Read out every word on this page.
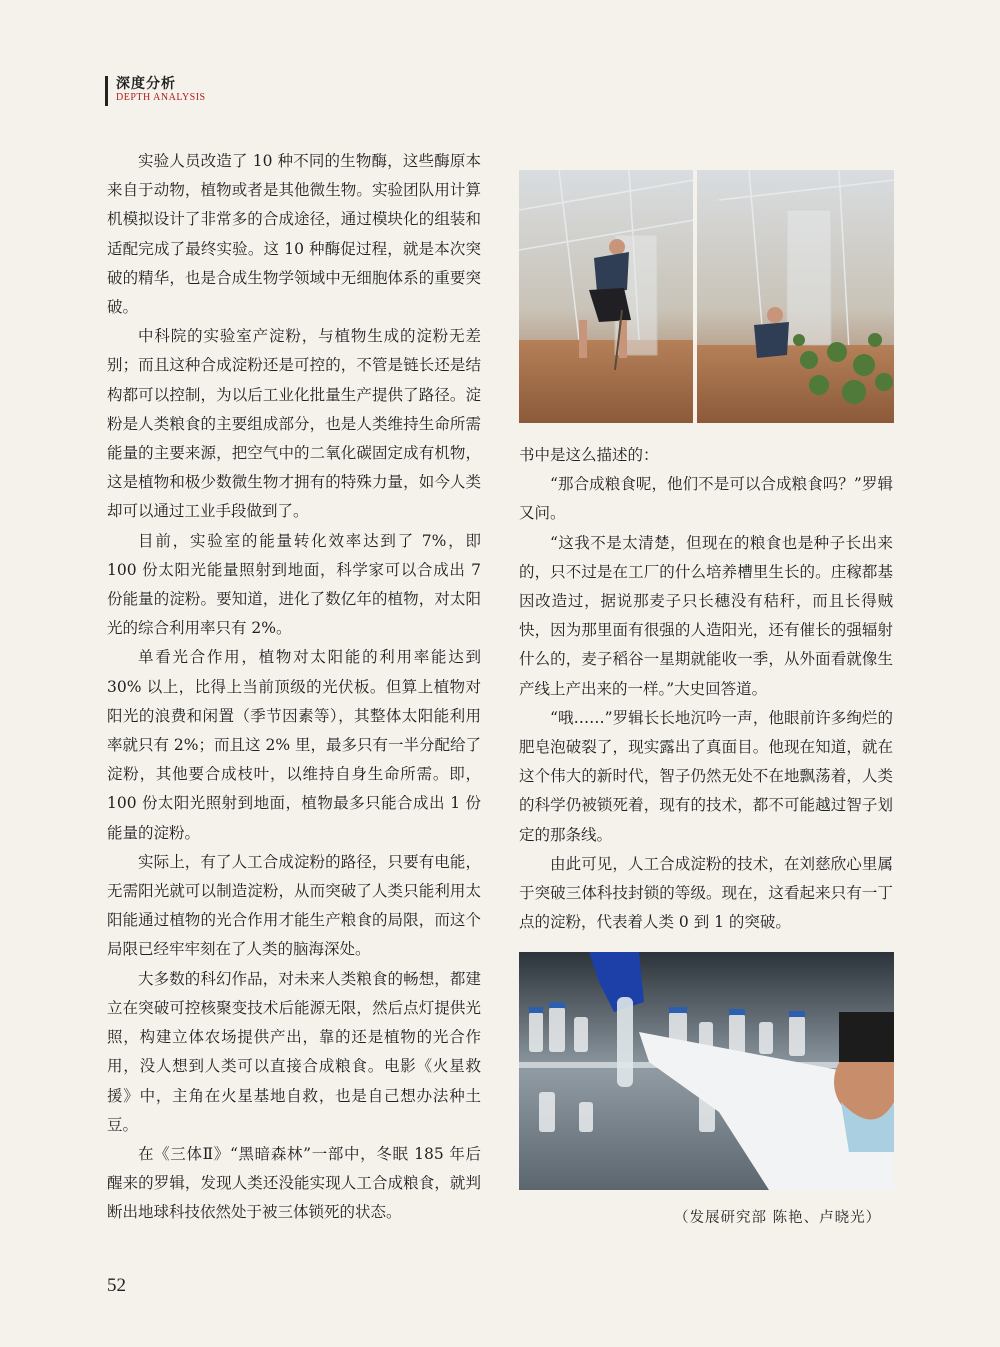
深度分析
DEPTH ANALYSIS

实验人员改造了 10 种不同的生物酶，这些酶原本来自于动物，植物或者是其他微生物。实验团队用计算机模拟设计了非常多的合成途径，通过模块化的组装和适配完成了最终实验。这 10 种酶促过程，就是本次突破的精华，也是合成生物学领域中无细胞体系的重要突破。

中科院的实验室产淀粉，与植物生成的淀粉无差别；而且这种合成淀粉还是可控的，不管是链长还是结构都可以控制，为以后工业化批量生产提供了路径。淀粉是人类粮食的主要组成部分，也是人类维持生命所需能量的主要来源，把空气中的二氧化碳固定成有机物，这是植物和极少数微生物才拥有的特殊力量，如今人类却可以通过工业手段做到了。

目前，实验室的能量转化效率达到了 7%，即 100 份太阳光能量照射到地面，科学家可以合成出 7 份能量的淀粉。要知道，进化了数亿年的植物，对太阳光的综合利用率只有 2%。

单看光合作用，植物对太阳能的利用率能达到 30% 以上，比得上当前顶级的光伏板。但算上植物对阳光的浪费和闲置（季节因素等），其整体太阳能利用率就只有 2%；而且这 2% 里，最多只有一半分配给了淀粉，其他要合成枝叶，以维持自身生命所需。即，100 份太阳光照射到地面，植物最多只能合成出 1 份能量的淀粉。

实际上，有了人工合成淀粉的路径，只要有电能，无需阳光就可以制造淀粉，从而突破了人类只能利用太阳能通过植物的光合作用才能生产粮食的局限，而这个局限已经牢牢刻在了人类的脑海深处。

大多数的科幻作品，对未来人类粮食的畅想，都建立在突破可控核聚变技术后能源无限，然后点灯提供光照，构建立体农场提供产出，靠的还是植物的光合作用，没人想到人类可以直接合成粮食。电影《火星救援》中，主角在火星基地自救，也是自己想办法种土豆。

在《三体Ⅱ》“黑暗森林”一部中，冬眠 185 年后醒来的罗辑，发现人类还没能实现人工合成粮食，就判断出地球科技依然处于被三体锁死的状态。

书中是这么描述的：

“那合成粮食呢，他们不是可以合成粮食吗？”罗辑又问。

“这我不是太清楚，但现在的粮食也是种子长出来的，只不过是在工厂的什么培养槽里生长的。庄稼都基因改造过，据说那麦子只长穗没有秸秆，而且长得贼快，因为那里面有很强的人造阳光，还有催长的强辐射什么的，麦子稻谷一星期就能收一季，从外面看就像生产线上产出来的一样。”大史回答道。

“哦……”罗辑长长地沉吟一声，他眼前许多绚烂的肥皂泡破裂了，现实露出了真面目。他现在知道，就在这个伟大的新时代，智子仍然无处不在地飘荡着，人类的科学仍被锁死着，现有的技术，都不可能越过智子划定的那条线。

由此可见，人工合成淀粉的技术，在刘慈欣心里属于突破三体科技封锁的等级。现在，这看起来只有一丁点的淀粉，代表着人类 0 到 1 的突破。

（发展研究部 陈艳、卢晓光）
52
